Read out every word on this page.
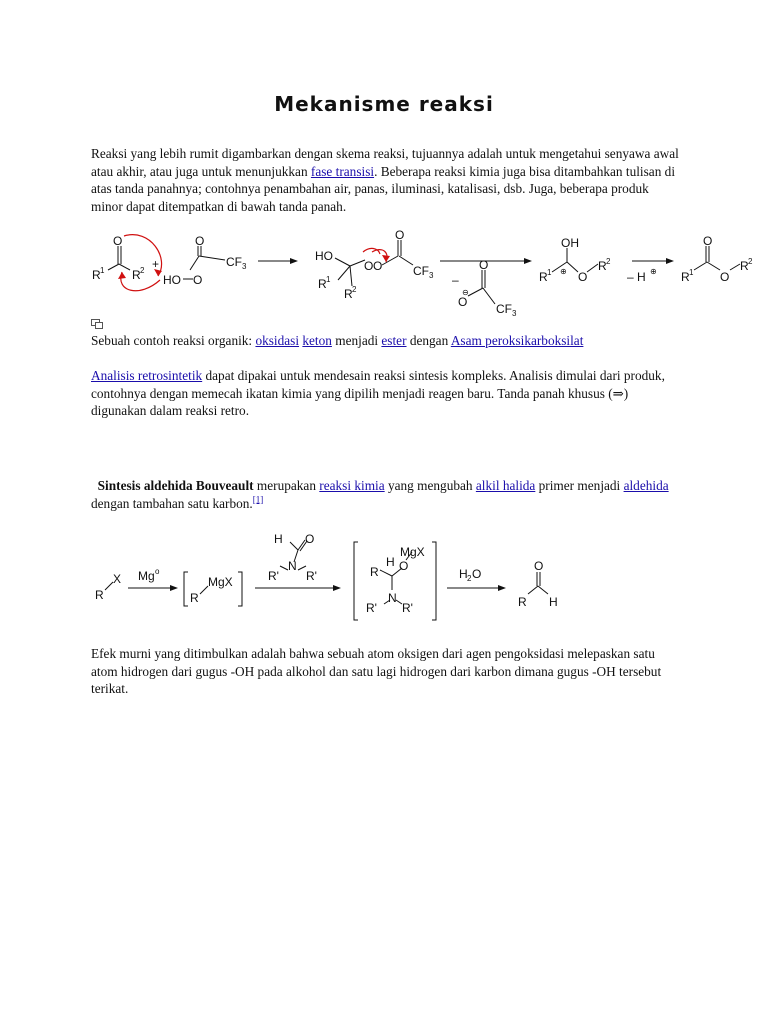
Mekanisme reaksi

Reaksi yang lebih rumit digambarkan dengan skema reaksi, tujuannya adalah untuk mengetahui senyawa awal atau akhir, atau juga untuk menunjukkan fase transisi. Beberapa reaksi kimia juga bisa ditambahkan tulisan di atas tanda panahnya; contohnya penambahan air, panas, iluminasi, katalisasi, dsb. Juga, beberapa produk minor dapat ditempatkan di bawah tanda panah.

O
R 1 R 2 +
O
HO O
CF 3
HO
R 1
R 2
O O
O
CF 3 –
O
O
⊖
CF 3
OH
R 1 ⊕ O
R 2
– H ⊕
O
R 1 O
R 2

Sebuah contoh reaksi organik: oksidasi keton menjadi ester dengan Asam peroksikarboksilat

Analisis retrosintetik dapat dipakai untuk mendesain reaksi sintesis kompleks. Analisis dimulai dari produk, contohnya dengan memecah ikatan kimia yang dipilih menjadi reagen baru. Tanda panah khusus (⇒) digunakan dalam reaksi retro.

Sintesis aldehida Bouveault merupakan reaksi kimia yang mengubah alkil halida primer menjadi aldehida dengan tambahan satu karbon.[1]

R
X Mg o
R
MgX
H O
N
R' R'
MgX
H O
R
N
R' R'
H 2 O
O
R H

Efek murni yang ditimbulkan adalah bahwa sebuah atom oksigen dari agen pengoksidasi melepaskan satu atom hidrogen dari gugus -OH pada alkohol dan satu lagi hidrogen dari karbon dimana gugus -OH tersebut terikat.
